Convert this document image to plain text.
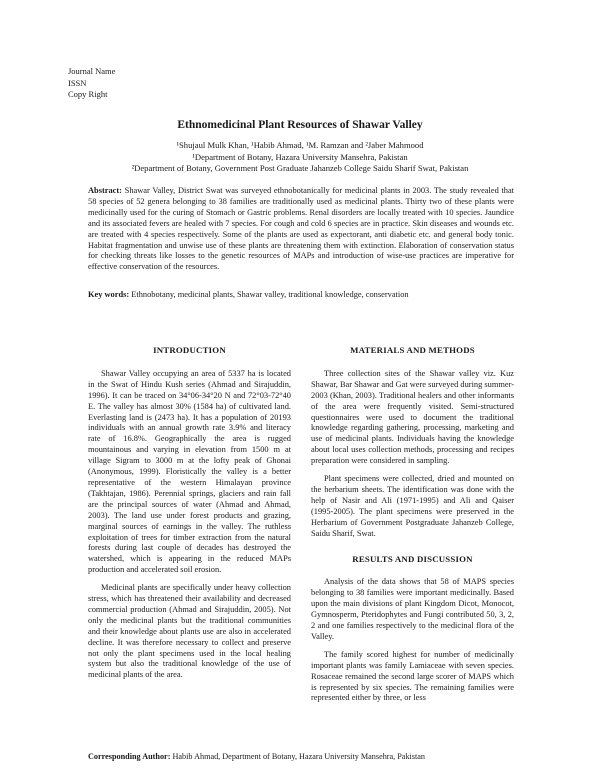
Journal Name
ISSN
Copy Right
Ethnomedicinal Plant Resources of Shawar Valley
¹Shujaul Mulk Khan, ¹Habib Ahmad, ¹M. Ramzan and ²Jaber Mahmood
¹Department of Botany, Hazara University Mansehra, Pakistan
²Department of Botany, Government Post Graduate Jahanzeb College Saidu Sharif Swat, Pakistan
Abstract: Shawar Valley, District Swat was surveyed ethnobotanically for medicinal plants in 2003. The study revealed that 58 species of 52 genera belonging to 38 families are traditionally used as medicinal plants. Thirty two of these plants were medicinally used for the curing of Stomach or Gastric problems. Renal disorders are locally treated with 10 species. Jaundice and its associated fevers are healed with 7 species. For cough and cold 6 species are in practice. Skin diseases and wounds etc. are treated with 4 species respectively. Some of the plants are used as expectorant, anti diabetic etc. and general body tonic. Habitat fragmentation and unwise use of these plants are threatening them with extinction. Elaboration of conservation status for checking threats like losses to the genetic resources of MAPs and introduction of wise-use practices are imperative for effective conservation of the resources.
Key words: Ethnobotany, medicinal plants, Shawar valley, traditional knowledge, conservation
INTRODUCTION

Shawar Valley occupying an area of 5337 ha is located in the Swat of Hindu Kush series (Ahmad and Sirajuddin, 1996). It can be traced on 34°06-34°20 N and 72°03-72°40 E. The valley has almost 30% (1584 ha) of cultivated land. Everlasting land is (2473 ha). It has a population of 20193 individuals with an annual growth rate 3.9% and literacy rate of 16.8%. Geographically the area is rugged mountainous and varying in elevation from 1500 m at village Sigram to 3000 m at the lofty peak of Ghonai (Anonymous, 1999). Floristically the valley is a better representative of the western Himalayan province (Takhtajan, 1986). Perennial springs, glaciers and rain fall are the principal sources of water (Ahmad and Ahmad, 2003). The land use under forest products and grazing, marginal sources of earnings in the valley. The ruthless exploitation of trees for timber extraction from the natural forests during last couple of decades has destroyed the watershed, which is appearing in the reduced MAPs production and accelerated soil erosion.

Medicinal plants are specifically under heavy collection stress, which has threatened their availability and decreased commercial production (Ahmad and Sirajuddin, 2005). Not only the medicinal plants but the traditional communities and their knowledge about plants use are also in accelerated decline. It was therefore necessary to collect and preserve not only the plant specimens used in the local healing system but also the traditional knowledge of the use of medicinal plants of the area.

MATERIALS AND METHODS

Three collection sites of the Shawar valley viz. Kuz Shawar, Bar Shawar and Gat were surveyed during summer-2003 (Khan, 2003). Traditional healers and other informants of the area were frequently visited. Semi-structured questionnaires were used to document the traditional knowledge regarding gathering, processing, marketing and use of medicinal plants. Individuals having the knowledge about local uses collection methods, processing and recipes preparation were considered in sampling.

Plant specimens were collected, dried and mounted on the herbarium sheets. The identification was done with the help of Nasir and Ali (1971-1995) and Ali and Qaiser (1995-2005). The plant specimens were preserved in the Herbarium of Government Postgraduate Jahanzeb College, Saidu Sharif, Swat.

RESULTS AND DISCUSSION

Analysis of the data shows that 58 of MAPS species belonging to 38 families were important medicinally. Based upon the main divisions of plant Kingdom Dicot, Monocot, Gymnosperm, Pteridophytes and Fungi contributed 50, 3, 2, 2 and one families respectively to the medicinal flora of the Valley.

The family scored highest for number of medicinally important plants was family Lamiaceae with seven species. Rosaceae remained the second large scorer of MAPS which is represented by six species. The remaining families were represented either by three, or less

Corresponding Author: Habib Ahmad, Department of Botany, Hazara University Mansehra, Pakistan
